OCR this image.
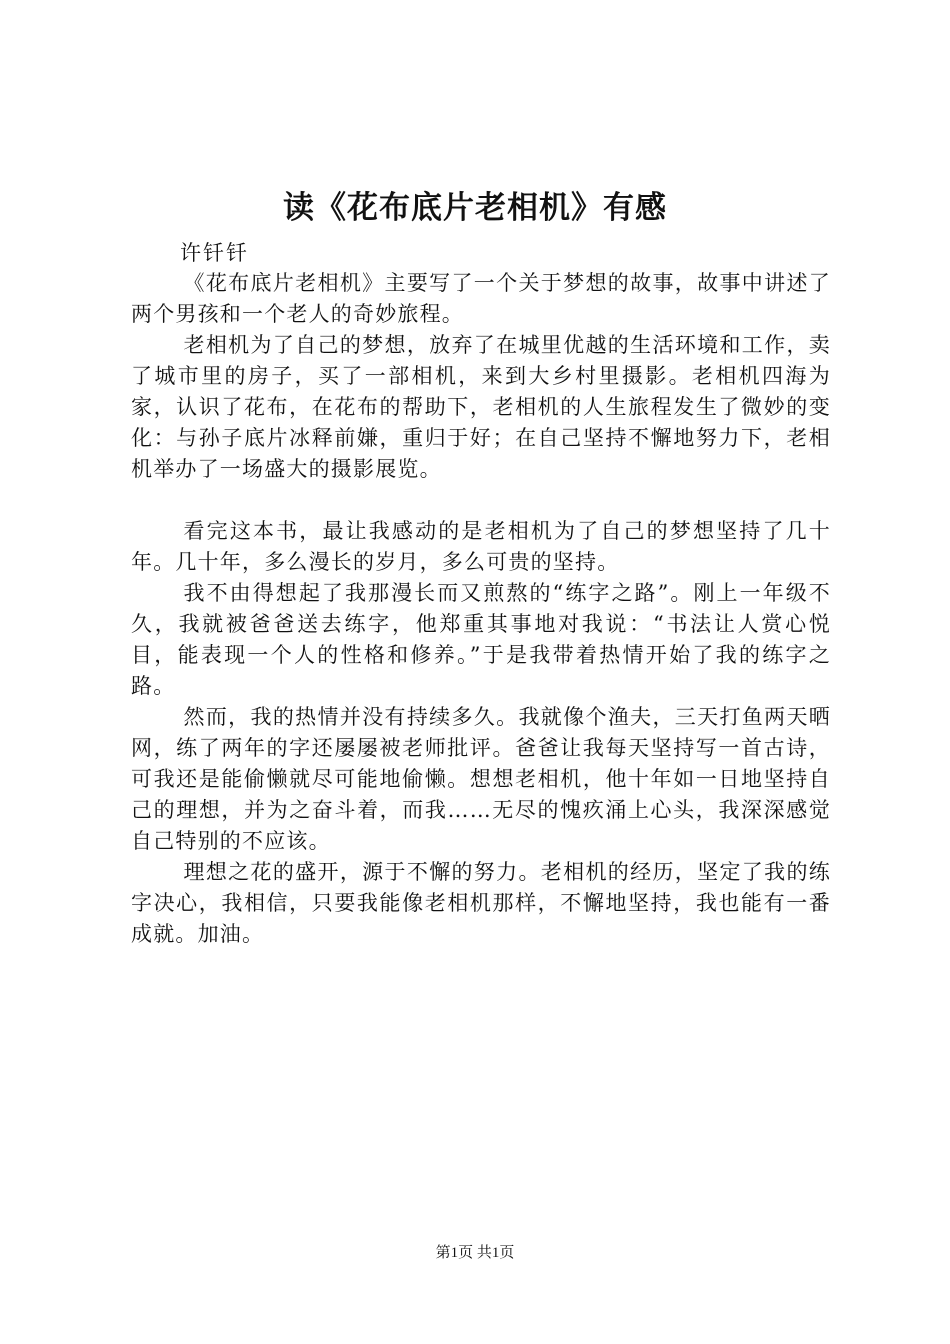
读《花布底片老相机》有感
许钎钎

《花布底片老相机》主要写了一个关于梦想的故事，故事中讲述了两个男孩和一个老人的奇妙旅程。

老相机为了自己的梦想，放弃了在城里优越的生活环境和工作，卖了城市里的房子，买了一部相机，来到大乡村里摄影。老相机四海为家，认识了花布，在花布的帮助下，老相机的人生旅程发生了微妙的变化：与孙子底片冰释前嫌，重归于好；在自己坚持不懈地努力下，老相机举办了一场盛大的摄影展览。

看完这本书，最让我感动的是老相机为了自己的梦想坚持了几十年。几十年，多么漫长的岁月，多么可贵的坚持。

我不由得想起了我那漫长而又煎熬的“练字之路”。刚上一年级不久，我就被爸爸送去练字，他郑重其事地对我说：“书法让人赏心悦目，能表现一个人的性格和修养。”于是我带着热情开始了我的练字之路。

然而，我的热情并没有持续多久。我就像个渔夫，三天打鱼两天晒网，练了两年的字还屡屡被老师批评。爸爸让我每天坚持写一首古诗，可我还是能偷懒就尽可能地偷懒。想想老相机，他十年如一日地坚持自己的理想，并为之奋斗着，而我……无尽的愧疚涌上心头，我深深感觉自己特别的不应该。

理想之花的盛开，源于不懈的努力。老相机的经历，坚定了我的练字决心，我相信，只要我能像老相机那样，不懈地坚持，我也能有一番成就。加油。

第1页 共1页
